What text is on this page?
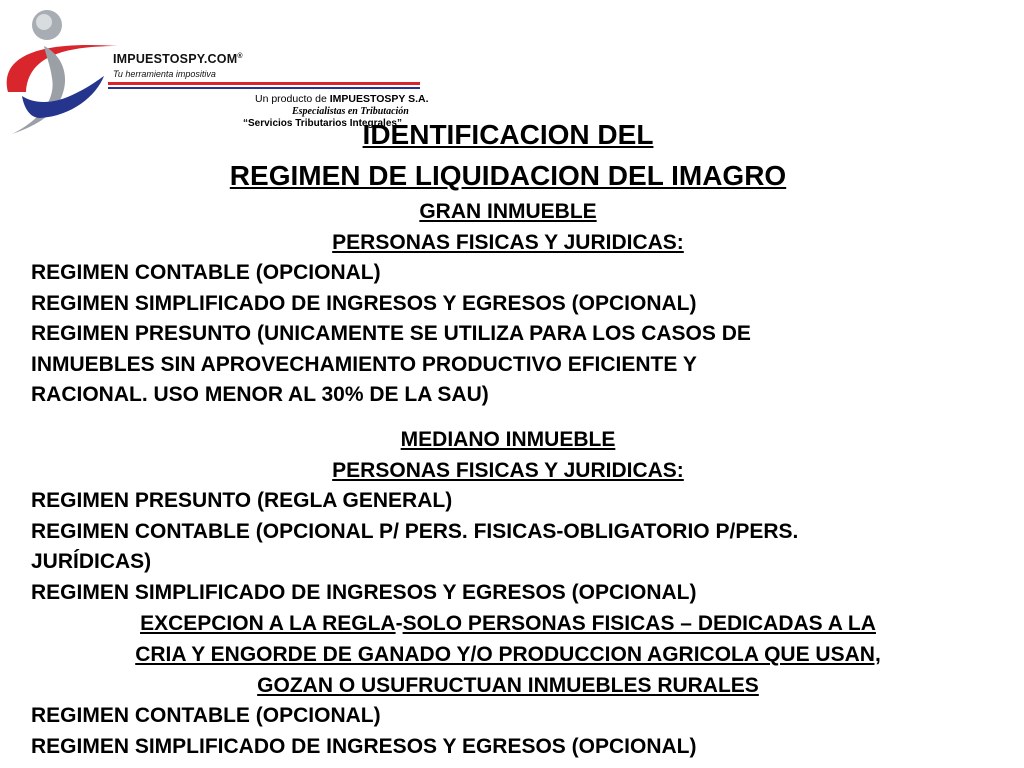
IMPUESTOSPY.COM®
Tu herramienta impositiva
Un producto de IMPUESTOSPY S.A.
Especialistas en Tributación
“Servicios Tributarios Integrales”
IDENTIFICACION DEL
REGIMEN DE LIQUIDACION DEL IMAGRO
GRAN INMUEBLE
PERSONAS FISICAS Y JURIDICAS:
REGIMEN CONTABLE (OPCIONAL)
REGIMEN SIMPLIFICADO DE INGRESOS Y EGRESOS (OPCIONAL)
REGIMEN PRESUNTO (UNICAMENTE SE UTILIZA PARA LOS CASOS DE
INMUEBLES SIN APROVECHAMIENTO PRODUCTIVO EFICIENTE Y
RACIONAL. USO MENOR AL 30% DE LA SAU)
MEDIANO INMUEBLE
PERSONAS FISICAS Y JURIDICAS:
REGIMEN PRESUNTO (REGLA GENERAL)
REGIMEN CONTABLE (OPCIONAL P/ PERS. FISICAS-OBLIGATORIO P/PERS.
JURÍDICAS)
REGIMEN SIMPLIFICADO DE INGRESOS Y EGRESOS (OPCIONAL)
EXCEPCION A LA REGLA-SOLO PERSONAS FISICAS – DEDICADAS A LA
CRIA Y ENGORDE DE GANADO Y/O PRODUCCION AGRICOLA QUE USAN,
GOZAN O USUFRUCTUAN INMUEBLES RURALES
REGIMEN CONTABLE (OPCIONAL)
REGIMEN SIMPLIFICADO DE INGRESOS Y EGRESOS (OPCIONAL)
